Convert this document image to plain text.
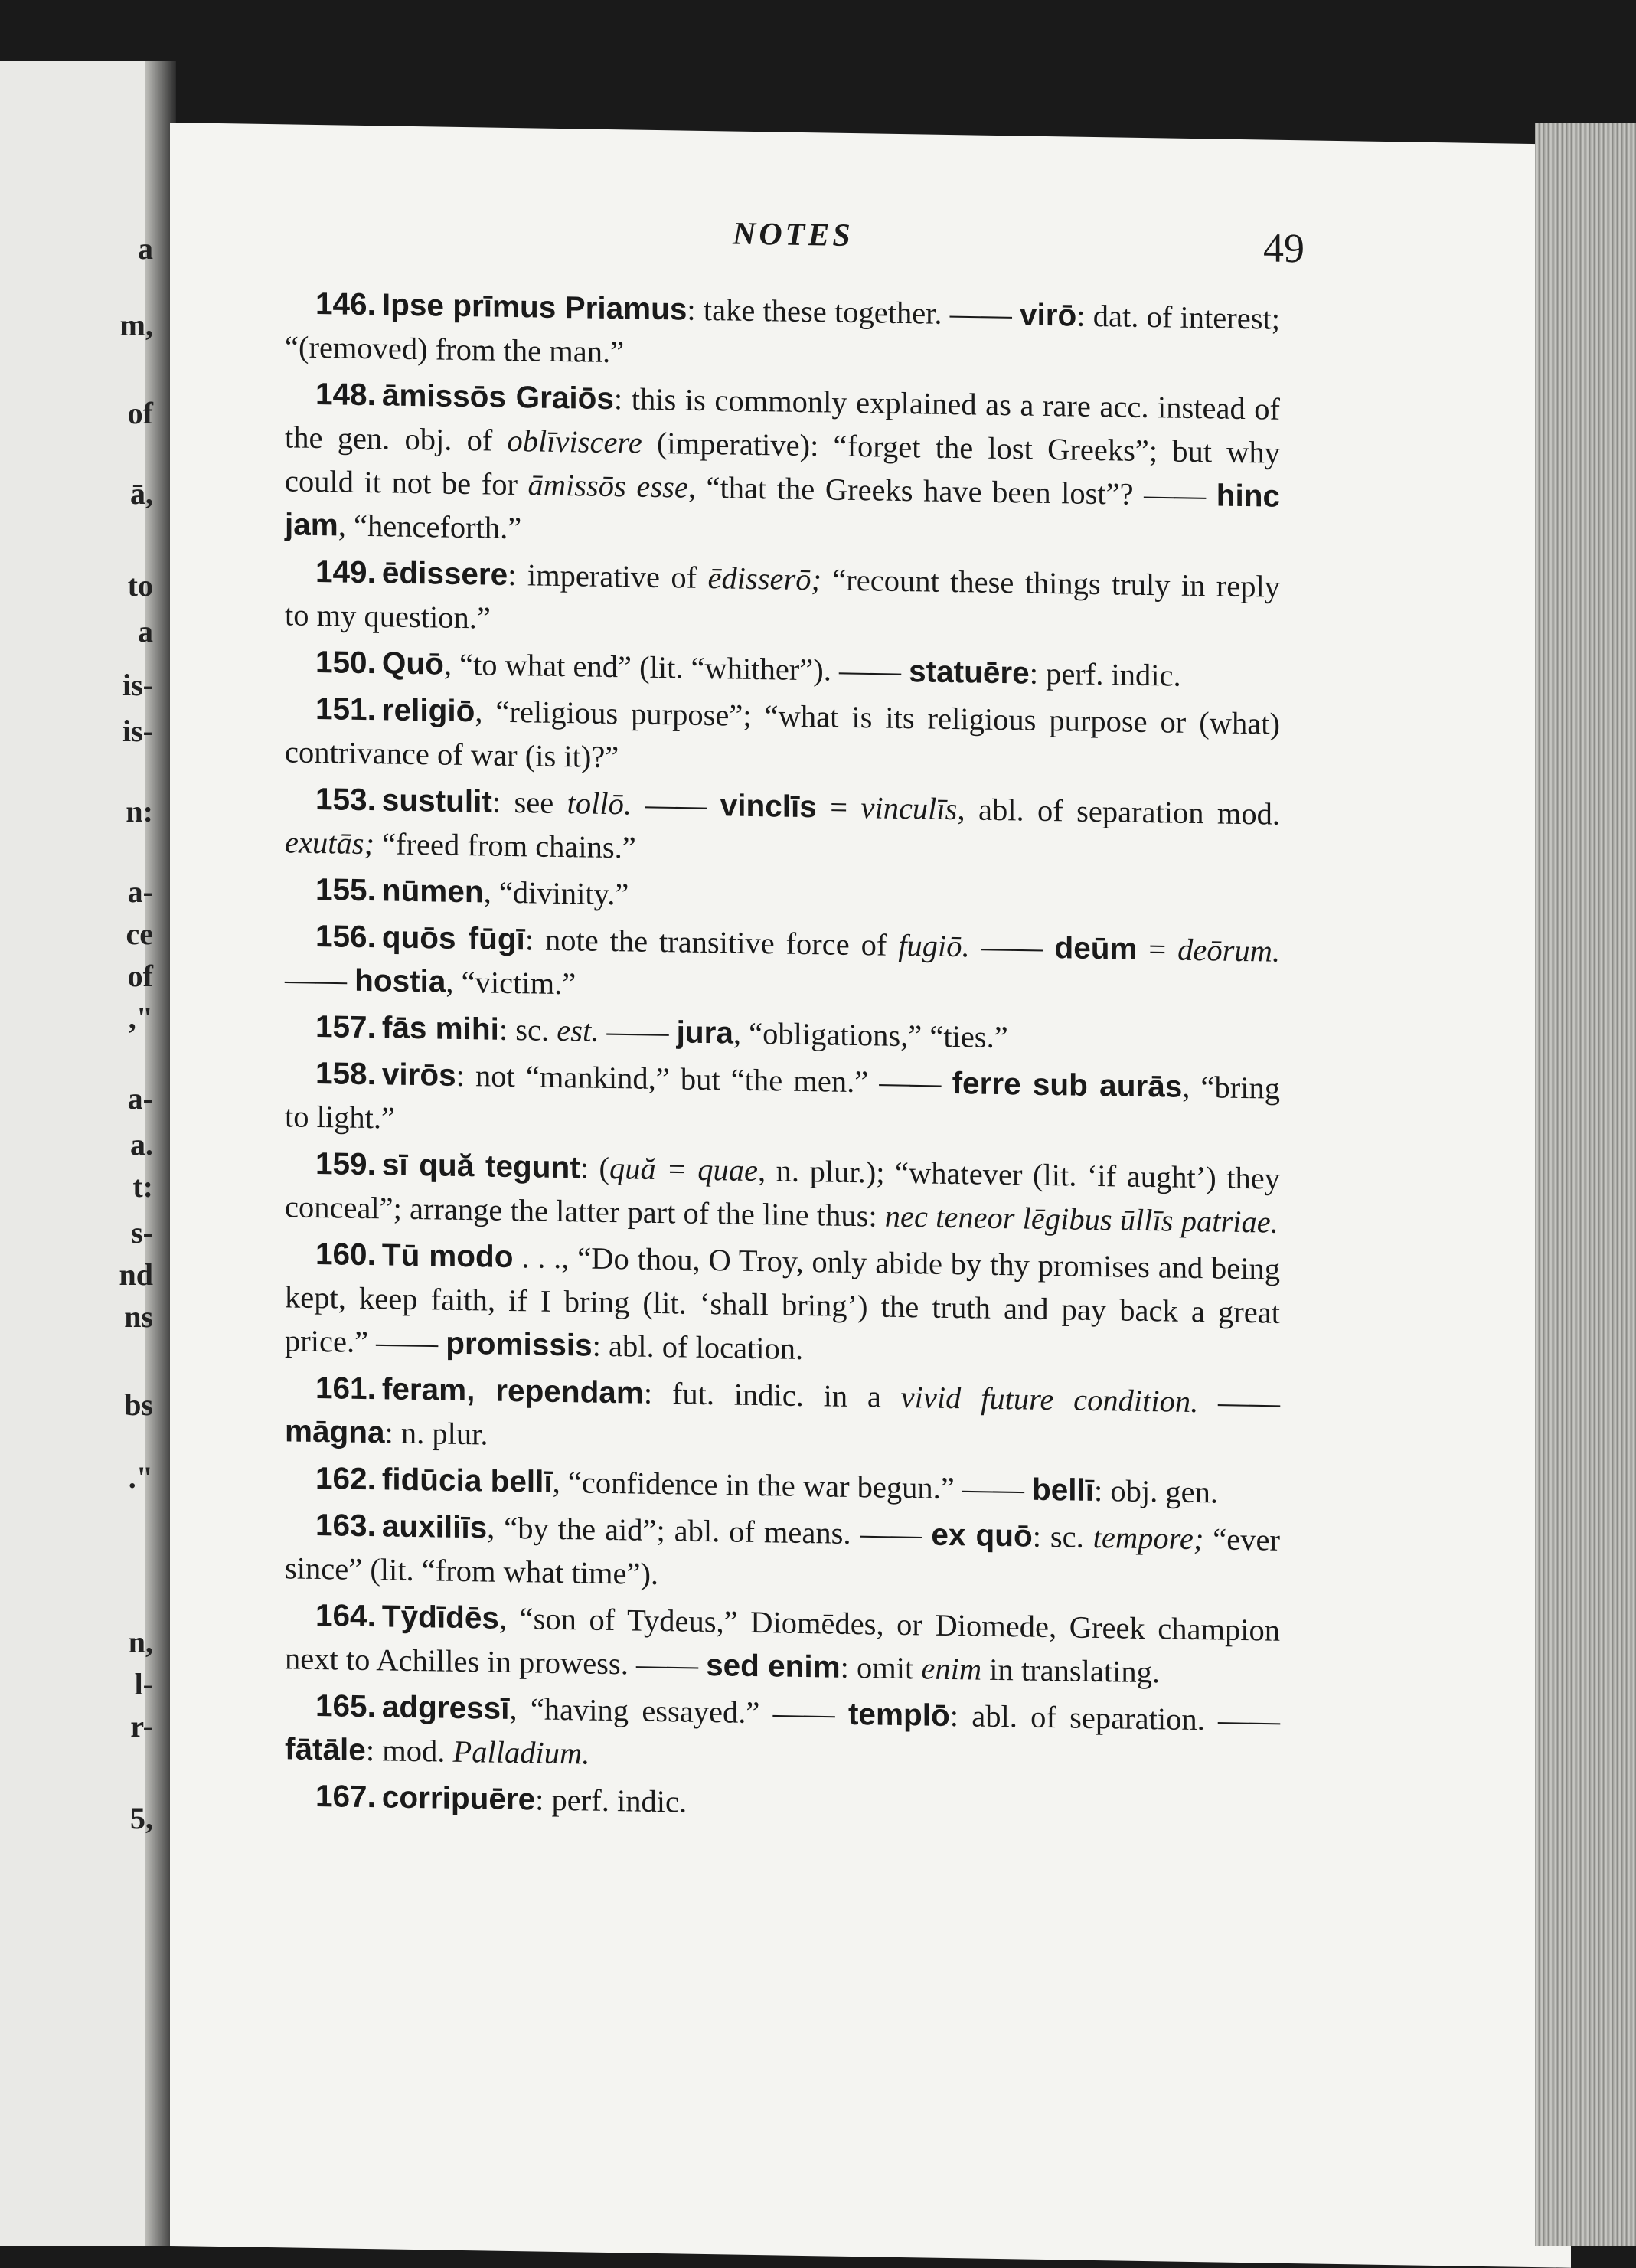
a
m,
of
ā,
to
a
is-
is-
n:
a-
ce
of
,"
a-
a.
t:
s-
nd
ns
bs
."
n,
l-
r-
5,
NOTES	49

146. Ipse prīmus Priamus: take these together. —— virō: dat. of interest; “(removed) from the man.”

148. āmissōs Graiōs: this is commonly explained as a rare acc. instead of the gen. obj. of oblīviscere (imperative): “forget the lost Greeks”; but why could it not be for āmissōs esse, “that the Greeks have been lost”? —— hinc jam, “henceforth.”

149. ēdissere: imperative of ēdisserō; “recount these things truly in reply to my question.”

150. Quō, “to what end” (lit. “whither”). —— statuēre: perf. indic.

151. religiō, “religious purpose”; “what is its religious purpose or (what) contrivance of war (is it)?”

153. sustulit: see tollō. —— vinclīs = vinculīs, abl. of separation mod. exutās; “freed from chains.”

155. nūmen, “divinity.”

156. quōs fūgī: note the transitive force of fugiō. —— deūm = deōrum. —— hostia, “victim.”

157. fās mihi: sc. est. —— jura, “obligations,” “ties.”

158. virōs: not “mankind,” but “the men.” —— ferre sub aurās, “bring to light.”

159. sī quă tegunt: (quă = quae, n. plur.); “whatever (lit. ‘if aught’) they conceal”; arrange the latter part of the line thus: nec teneor lēgibus ūllīs patriae.

160. Tū modo . . ., “Do thou, O Troy, only abide by thy promises and being kept, keep faith, if I bring (lit. ‘shall bring’) the truth and pay back a great price.” —— promissis: abl. of location.

161. feram, rependam: fut. indic. in a vivid future condition. —— māgna: n. plur.

162. fidūcia bellī, “confidence in the war begun.” —— bellī: obj. gen.

163. auxiliīs, “by the aid”; abl. of means. —— ex quō: sc. tempore; “ever since” (lit. “from what time”).

164. Tȳdīdēs, “son of Tydeus,” Diomēdes, or Diomede, Greek champion next to Achilles in prowess. —— sed enim: omit enim in translating.

165. adgressī, “having essayed.” —— templō: abl. of separation. —— fātāle: mod. Palladium.

167. corripuēre: perf. indic.
